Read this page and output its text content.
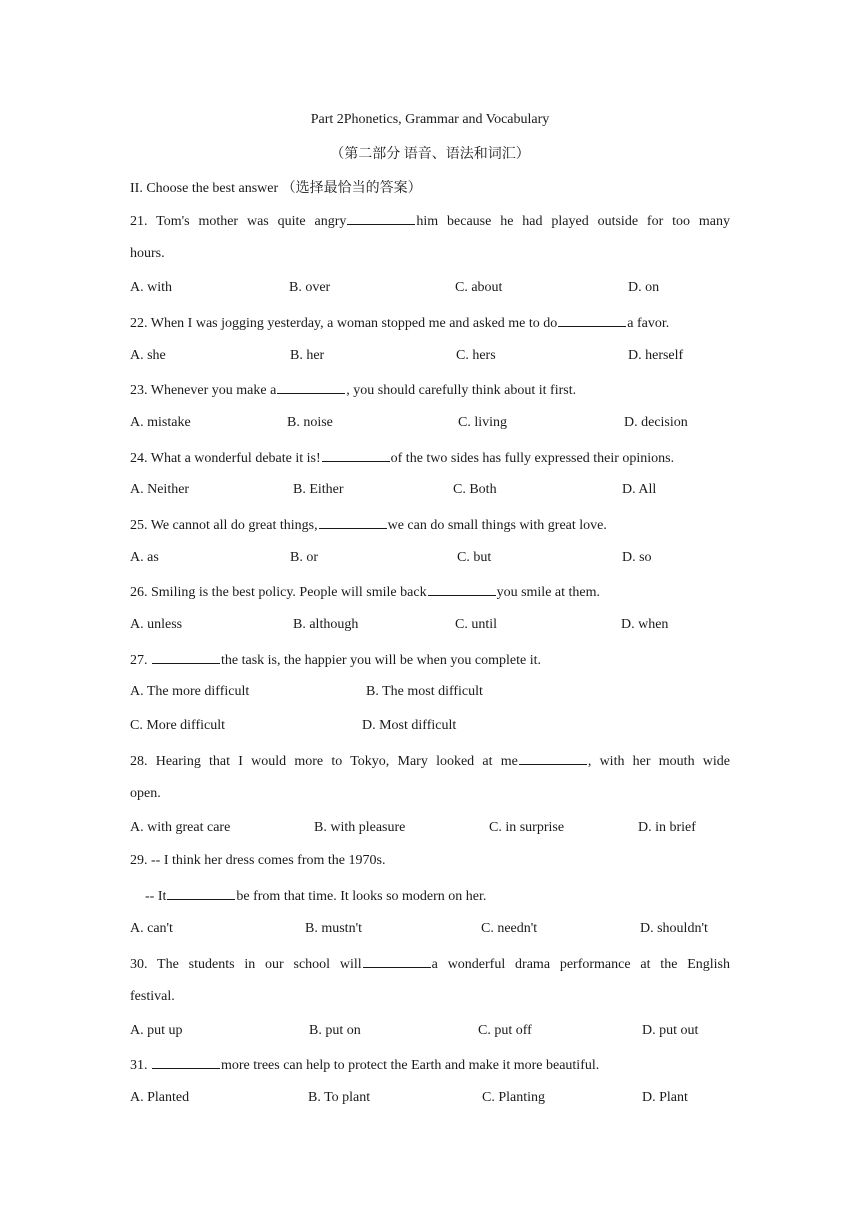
Part 2Phonetics, Grammar and Vocabulary
（第二部分 语音、语法和词汇）
II. Choose the best answer （选择最恰当的答案）
21. Tom's mother was quite angry	him because he had played outside for too many
hours.
A. with	B. over	C. about	D. on
22. When I was jogging yesterday, a woman stopped me and asked me to do	a favor.
A. she	B. her	C. hers	D. herself
23. Whenever you make a	, you should carefully think about it first.
A. mistake	B. noise	C. living	D. decision
24. What a wonderful debate it is!	of the two sides has fully expressed their opinions.
A. Neither	B. Either	C. Both	D. All
25. We cannot all do great things,	we can do small things with great love.
A. as	B. or	C. but	D. so
26. Smiling is the best policy. People will smile back	you smile at them.
A. unless	B. although	C. until	D. when
27.	the task is, the happier you will be when you complete it.
A. The more difficult	B. The most difficult
C. More difficult	D. Most difficult
28. Hearing that I would more to Tokyo, Mary looked at me	, with her mouth wide
open.
A. with great care	B. with pleasure	C. in surprise	D. in brief
29. -- I think her dress comes from the 1970s.
-- It	be from that time. It looks so modern on her.
A. can't	B. mustn't	C. needn't	D. shouldn't
30. The students in our school will	a wonderful drama performance at the English
festival.
A. put up	B. put on	C. put off	D. put out
31.	more trees can help to protect the Earth and make it more beautiful.
A. Planted	B. To plant	C. Planting	D. Plant
